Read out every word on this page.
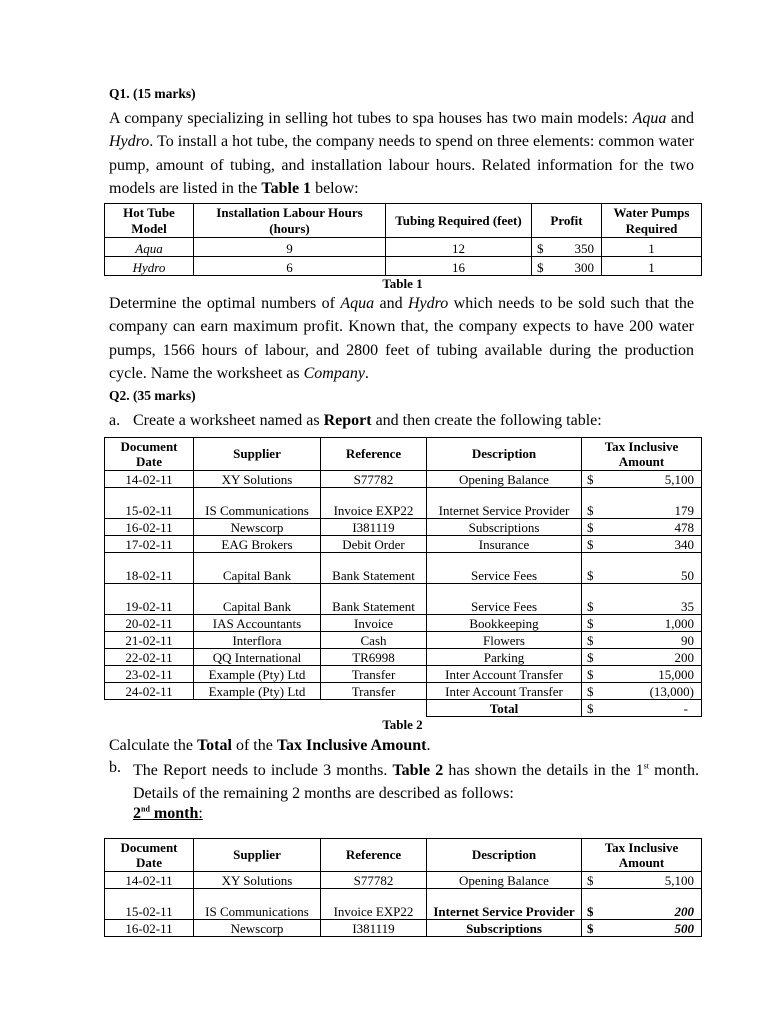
Q1. (15 marks)

A company specializing in selling hot tubes to spa houses has two main models: Aqua and Hydro. To install a hot tube, the company needs to spend on three elements: common water pump, amount of tubing, and installation labour hours. Related information for the two models are listed in the Table 1 below:

Hot Tube Model	Installation Labour Hours (hours)	Tubing Required (feet)	Profit	Water Pumps Required
Aqua	9	12	$ 350	1
Hydro	6	16	$ 300	1
Table 1

Determine the optimal numbers of Aqua and Hydro which needs to be sold such that the company can earn maximum profit. Known that, the company expects to have 200 water pumps, 1566 hours of labour, and 2800 feet of tubing available during the production cycle. Name the worksheet as Company.

Q2. (35 marks)
a. Create a worksheet named as Report and then create the following table:
Document Date	Supplier	Reference	Description	Tax Inclusive Amount
14-02-11	XY Solutions	S77782	Opening Balance	$ 5,100

15-02-11	IS Communications	Invoice EXP22	Internet Service Provider	$ 179

16-02-11	Newscorp	I381119	Subscriptions	$ 478

17-02-11	EAG Brokers	Debit Order	Insurance	$ 340

18-02-11	Capital Bank	Bank Statement	Service Fees	$ 50

19-02-11	Capital Bank	Bank Statement	Service Fees	$ 35

20-02-11	IAS Accountants	Invoice	Bookkeeping	$ 1,000

21-02-11	Interflora	Cash	Flowers	$ 90

22-02-11	QQ International	TR6998	Parking	$ 200

23-02-11	Example (Pty) Ltd	Transfer	Inter Account Transfer	$ 15,000

24-02-11	Example (Pty) Ltd	Transfer	Inter Account Transfer	$ (13,000)

			Total	$ -
Table 2
Calculate the Total of the Tax Inclusive Amount.
b. The Report needs to include 3 months. Table 2 has shown the details in the 1st month. Details of the remaining 2 months are described as follows:

2nd month:
Document Date	Supplier	Reference	Description	Tax Inclusive Amount
14-02-11	XY Solutions	S77782	Opening Balance	$ 5,100

15-02-11	IS Communications	Invoice EXP22	Internet Service Provider	$ 200

16-02-11	Newscorp	I381119	Subscriptions	$ 500
